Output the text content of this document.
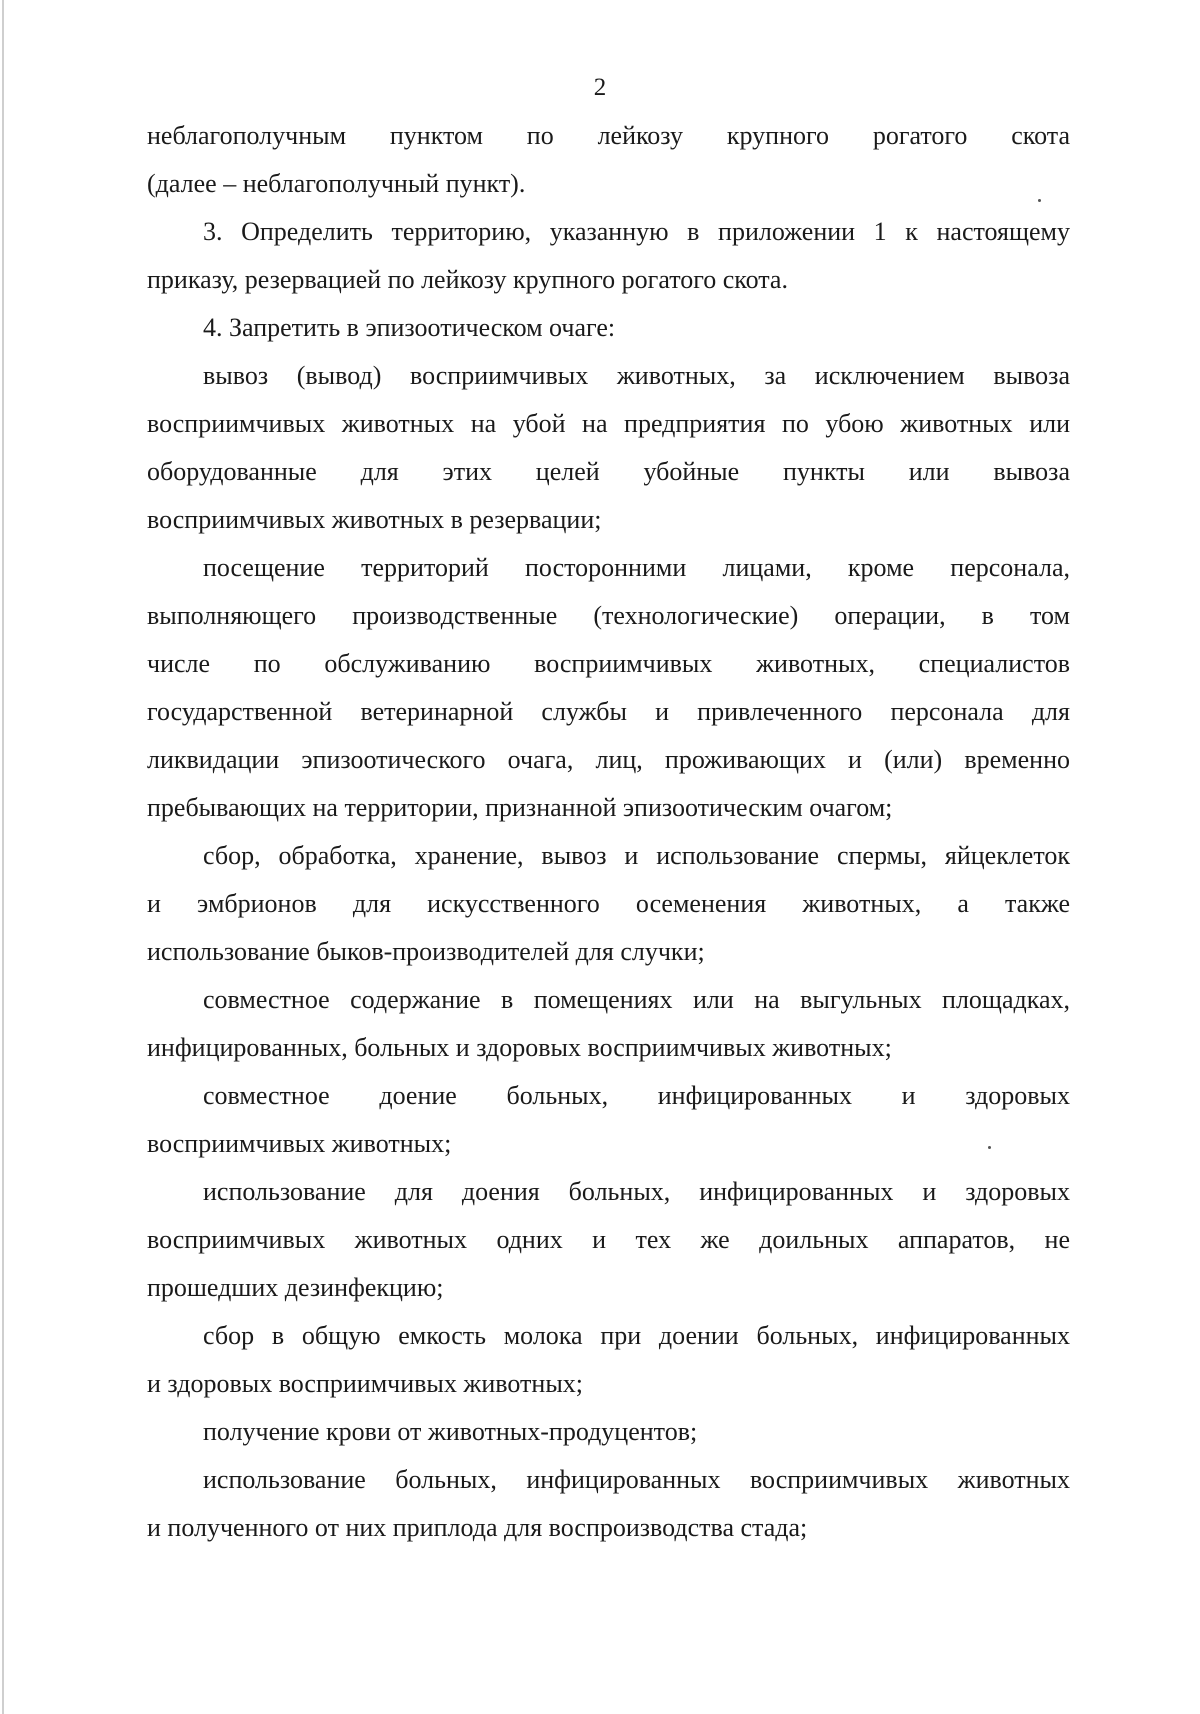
2
неблагополучным пунктом по лейкозу крупного рогатого скота
(далее – неблагополучный пункт).
3. Определить территорию, указанную в приложении 1 к настоящему
приказу, резервацией по лейкозу крупного рогатого скота.
4. Запретить в эпизоотическом очаге:
вывоз (вывод) восприимчивых животных, за исключением вывоза
восприимчивых животных на убой на предприятия по убою животных или
оборудованные для этих целей убойные пункты или вывоза
восприимчивых животных в резервации;
посещение территорий посторонними лицами, кроме персонала,
выполняющего производственные (технологические) операции, в том
числе по обслуживанию восприимчивых животных, специалистов
государственной ветеринарной службы и привлеченного персонала для
ликвидации эпизоотического очага, лиц, проживающих и (или) временно
пребывающих на территории, признанной эпизоотическим очагом;
сбор, обработка, хранение, вывоз и использование спермы, яйцеклеток
и эмбрионов для искусственного осеменения животных, а также
использование быков-производителей для случки;
совместное содержание в помещениях или на выгульных площадках,
инфицированных, больных и здоровых восприимчивых животных;
совместное доение больных, инфицированных и здоровых
восприимчивых животных;
использование для доения больных, инфицированных и здоровых
восприимчивых животных одних и тех же доильных аппаратов, не
прошедших дезинфекцию;
сбор в общую емкость молока при доении больных, инфицированных
и здоровых восприимчивых животных;
получение крови от животных-продуцентов;
использование больных, инфицированных восприимчивых животных
и полученного от них приплода для воспроизводства стада;
